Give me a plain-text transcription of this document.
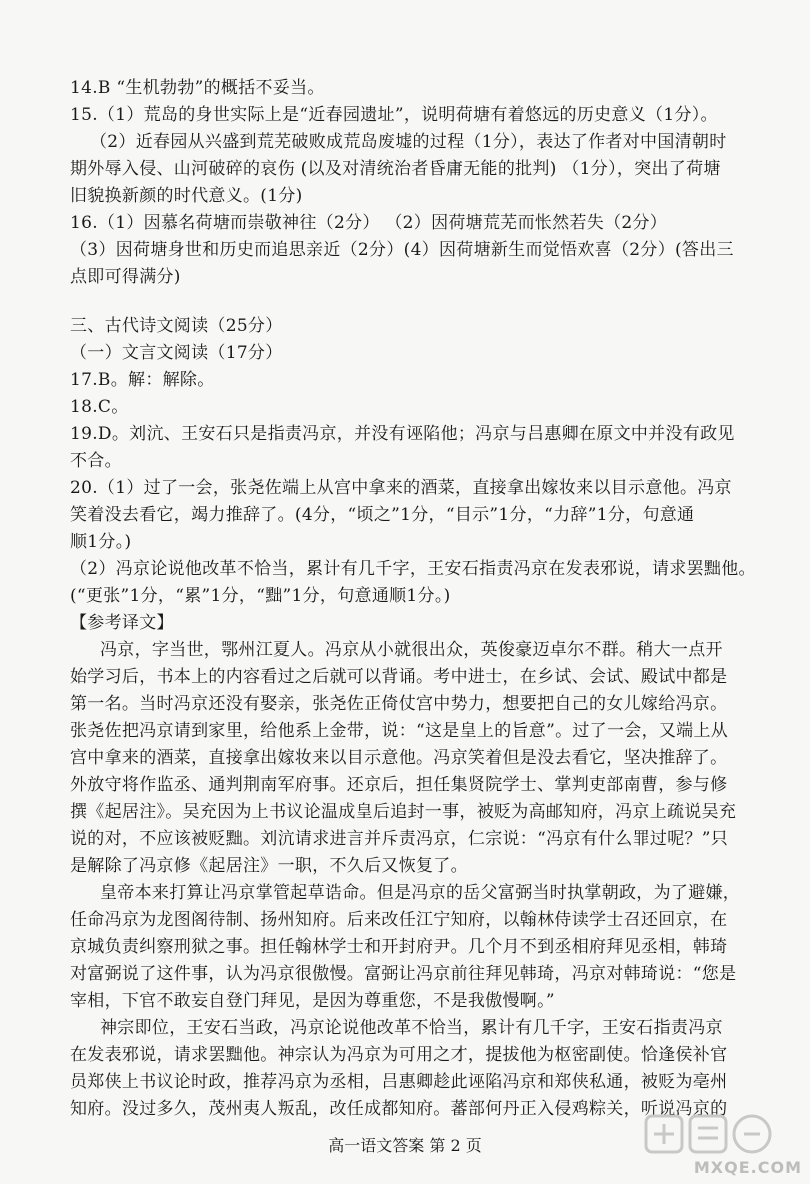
14.B “生机勃勃”的概括不妥当。
15.（1）荒岛的身世实际上是“近春园遗址”，说明荷塘有着悠远的历史意义（1分）。
（2）近春园从兴盛到荒芜破败成荒岛废墟的过程（1分），表达了作者对中国清朝时
期外辱入侵、山河破碎的哀伤 (以及对清统治者昏庸无能的批判) （1分），突出了荷塘
旧貌换新颜的时代意义。(1分)
16.（1）因慕名荷塘而崇敬神往（2分） （2）因荷塘荒芜而怅然若失（2分）
（3）因荷塘身世和历史而追思亲近（2分）(4）因荷塘新生而觉悟欢喜（2分）(答出三
点即可得满分)
三、古代诗文阅读（25分）
（一）文言文阅读（17分）
17.B。解：解除。
18.C。
19.D。刘沆、王安石只是指责冯京，并没有诬陷他；冯京与吕惠卿在原文中并没有政见
不合。
20.（1）过了一会，张尧佐端上从宫中拿来的酒菜，直接拿出嫁妆来以目示意他。冯京
笑着没去看它，竭力推辞了。(4分，“顷之”1分，“目示”1分，“力辞”1分，句意通
顺1分。)
（2）冯京论说他改革不恰当，累计有几千字，王安石指责冯京在发表邪说，请求罢黜他。
(“更张”1分，“累”1分，“黜”1分，句意通顺1分。)
【参考译文】
冯京，字当世，鄂州江夏人。冯京从小就很出众，英俊豪迈卓尔不群。稍大一点开
始学习后，书本上的内容看过之后就可以背诵。考中进士，在乡试、会试、殿试中都是
第一名。当时冯京还没有娶亲，张尧佐正倚仗宫中势力，想要把自己的女儿嫁给冯京。
张尧佐把冯京请到家里，给他系上金带，说：“这是皇上的旨意”。过了一会，又端上从
宫中拿来的酒菜，直接拿出嫁妆来以目示意他。冯京笑着但是没去看它，坚决推辞了。
外放守将作监丞、通判荆南军府事。还京后，担任集贤院学士、掌判吏部南曹，参与修
撰《起居注》。吴充因为上书议论温成皇后追封一事，被贬为高邮知府，冯京上疏说吴充
说的对，不应该被贬黜。刘沆请求进言并斥责冯京，仁宗说：“冯京有什么罪过呢？”只
是解除了冯京修《起居注》一职，不久后又恢复了。
皇帝本来打算让冯京掌管起草诰命。但是冯京的岳父富弼当时执掌朝政，为了避嫌，
任命冯京为龙图阁待制、扬州知府。后来改任江宁知府，以翰林侍读学士召还回京，在
京城负责纠察刑狱之事。担任翰林学士和开封府尹。几个月不到丞相府拜见丞相，韩琦
对富弼说了这件事，认为冯京很傲慢。富弼让冯京前往拜见韩琦，冯京对韩琦说：“您是
宰相，下官不敢妄自登门拜见，是因为尊重您，不是我傲慢啊。”
神宗即位，王安石当政，冯京论说他改革不恰当，累计有几千字，王安石指责冯京
在发表邪说，请求罢黜他。神宗认为冯京为可用之才，提拔他为枢密副使。恰逢侯补官
员郑侠上书议论时政，推荐冯京为丞相，吕惠卿趁此诬陷冯京和郑侠私通，被贬为亳州
知府。没过多久，茂州夷人叛乱，改任成都知府。蕃部何丹正入侵鸡粽关，听说冯京的
高一语文答案 第 2 页
MXQE.COM
